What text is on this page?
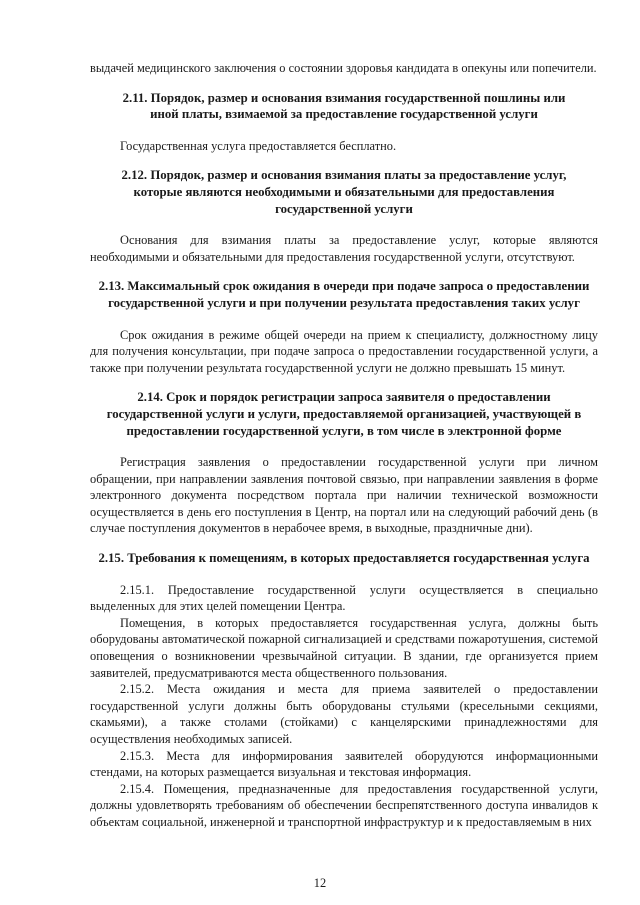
выдачей медицинского заключения о состоянии здоровья кандидата в опекуны или попечители.

2.11. Порядок, размер и основания взимания государственной пошлины или иной платы, взимаемой за предоставление государственной услуги

Государственная услуга предоставляется бесплатно.

2.12. Порядок, размер и основания взимания платы за предоставление услуг, которые являются необходимыми и обязательными для предоставления государственной услуги

Основания для взимания платы за предоставление услуг, которые являются необходимыми и обязательными для предоставления государственной услуги, отсутствуют.

2.13. Максимальный срок ожидания в очереди при подаче запроса о предоставлении государственной услуги и при получении результата предоставления таких услуг

Срок ожидания в режиме общей очереди на прием к специалисту, должностному лицу для получения консультации, при подаче запроса о предоставлении государственной услуги, а также при получении результата государственной услуги не должно превышать 15 минут.

2.14. Срок и порядок регистрации запроса заявителя о предоставлении государственной услуги и услуги, предоставляемой организацией, участвующей в предоставлении государственной услуги, в том числе в электронной форме

Регистрация заявления о предоставлении государственной услуги при личном обращении, при направлении заявления почтовой связью, при направлении заявления в форме электронного документа посредством портала при наличии технической возможности осуществляется в день его поступления в Центр, на портал или на следующий рабочий день (в случае поступления документов в нерабочее время, в выходные, праздничные дни).

2.15. Требования к помещениям, в которых предоставляется государственная услуга

2.15.1. Предоставление государственной услуги осуществляется в специально выделенных для этих целей помещении Центра.

Помещения, в которых предоставляется государственная услуга, должны быть оборудованы автоматической пожарной сигнализацией и средствами пожаротушения, системой оповещения о возникновении чрезвычайной ситуации. В здании, где организуется прием заявителей, предусматриваются места общественного пользования.

2.15.2. Места ожидания и места для приема заявителей о предоставлении государственной услуги должны быть оборудованы стульями (кресельными секциями, скамьями), а также столами (стойками) с канцелярскими принадлежностями для осуществления необходимых записей.

2.15.3. Места для информирования заявителей оборудуются информационными стендами, на которых размещается визуальная и текстовая информация.

2.15.4. Помещения, предназначенные для предоставления государственной услуги, должны удовлетворять требованиям об обеспечении беспрепятственного доступа инвалидов к объектам социальной, инженерной и транспортной инфраструктур и к предоставляемым в них

12
